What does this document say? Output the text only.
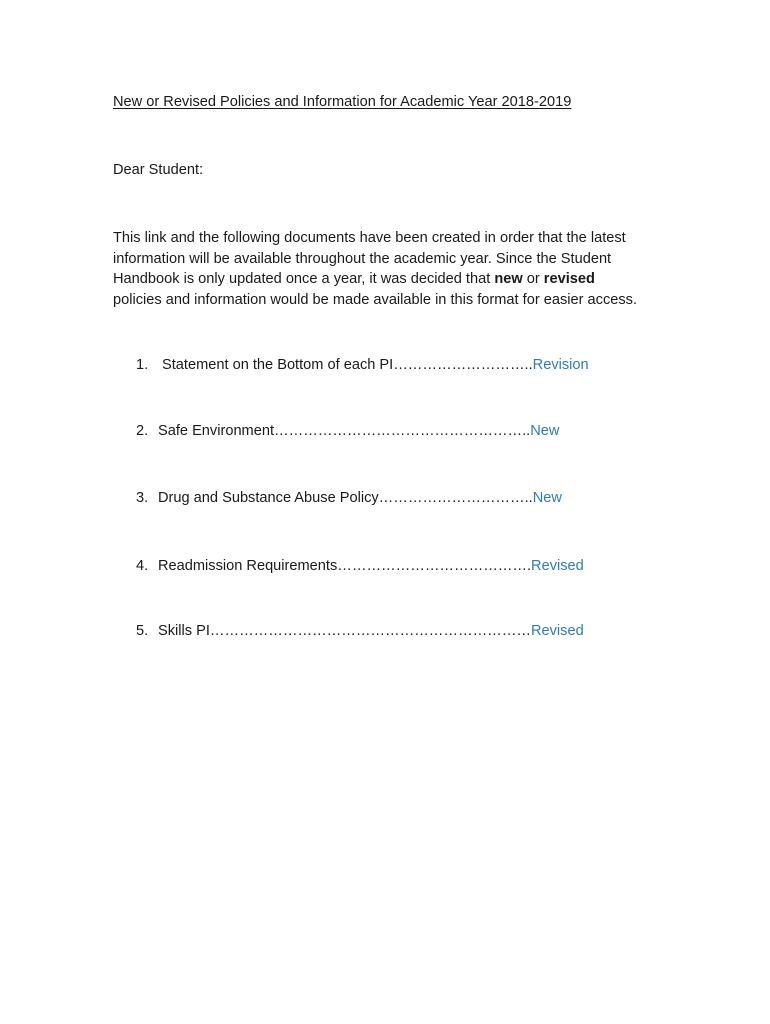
New or Revised Policies and Information for Academic Year 2018-2019
Dear Student:
This link and the following documents have been created in order that the latest
information will be available throughout the academic year. Since the Student
Handbook is only updated once a year, it was decided that new or revised
policies and information would be made available in this format for easier access.
1. Statement on the Bottom of each PI………………………..Revision
2. Safe Environment……………………………………………..New
3. Drug and Substance Abuse Policy…………………………..New
4. Readmission Requirements………………………………….Revised
5. Skills PI…………………………………………………………Revised
